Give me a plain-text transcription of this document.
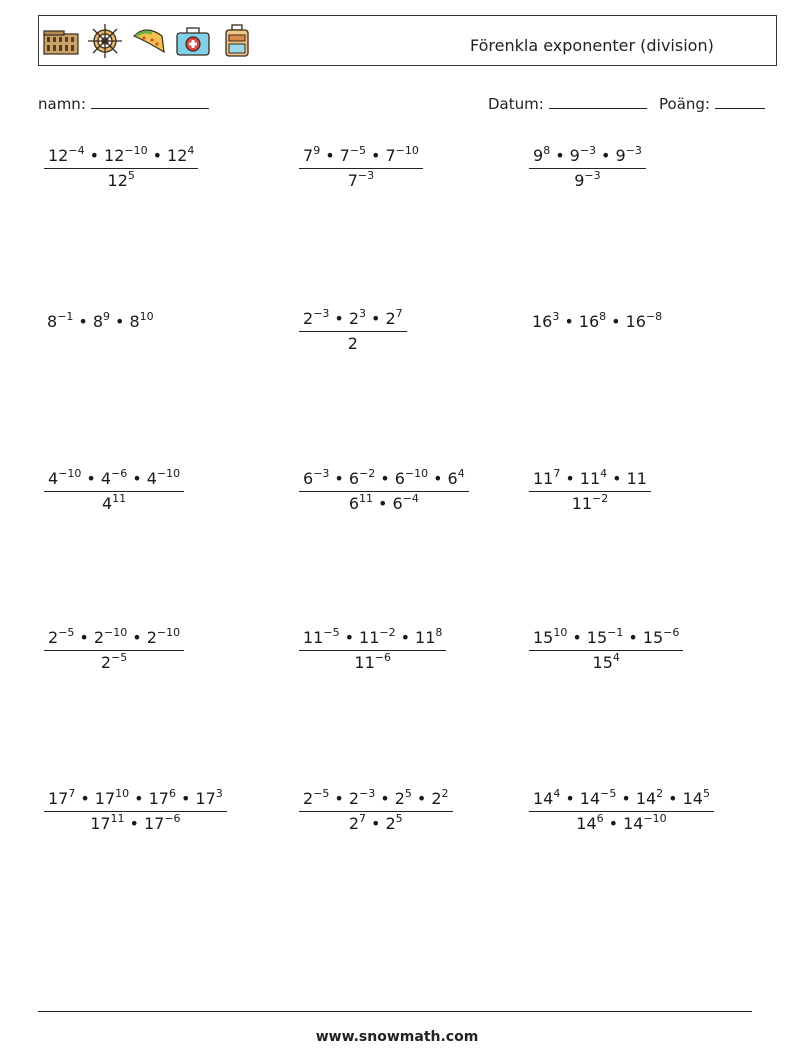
Förenkla exponenter (division)
namn:	Datum:	Poäng:
$\frac{12^{-4} • 12^{-10} • 12^4}{12^5}$	$\frac{7^9 • 7^{-5} • 7^{-10}}{7^{-3}}$	$\frac{9^8 • 9^{-3} • 9^{-3}}{9^{-3}}$
$8^{-1}$ • $8^9$ • $8^{10}$	$\frac{2^{-3} • 2^3 • 2^7}{2}$	$16^3$ • $16^8$ • $16^{-8}$
$\frac{4^{-10} • 4^{-6} • 4^{-10}}{4^{11}}$	$\frac{6^{-3} • 6^{-2} • 6^{-10} • 6^4}{6^{11} • 6^{-4}}$	$\frac{11^7 • 11^4 • 11}{11^{-2}}$
$\frac{2^{-5} • 2^{-10} • 2^{-10}}{2^{-5}}$	$\frac{11^{-5} • 11^{-2} • 11^8}{11^{-6}}$	$\frac{15^{10} • 15^{-1} • 15^{-6}}{15^4}$
$\frac{17^7 • 17^{10} • 17^6 • 17^3}{17^{11} • 17^{-6}}$	$\frac{2^{-5} • 2^{-3} • 2^5 • 2^2}{2^7 • 2^5}$	$\frac{14^4 • 14^{-5} • 14^2 • 14^5}{14^6 • 14^{-10}}$
www.snowmath.com
